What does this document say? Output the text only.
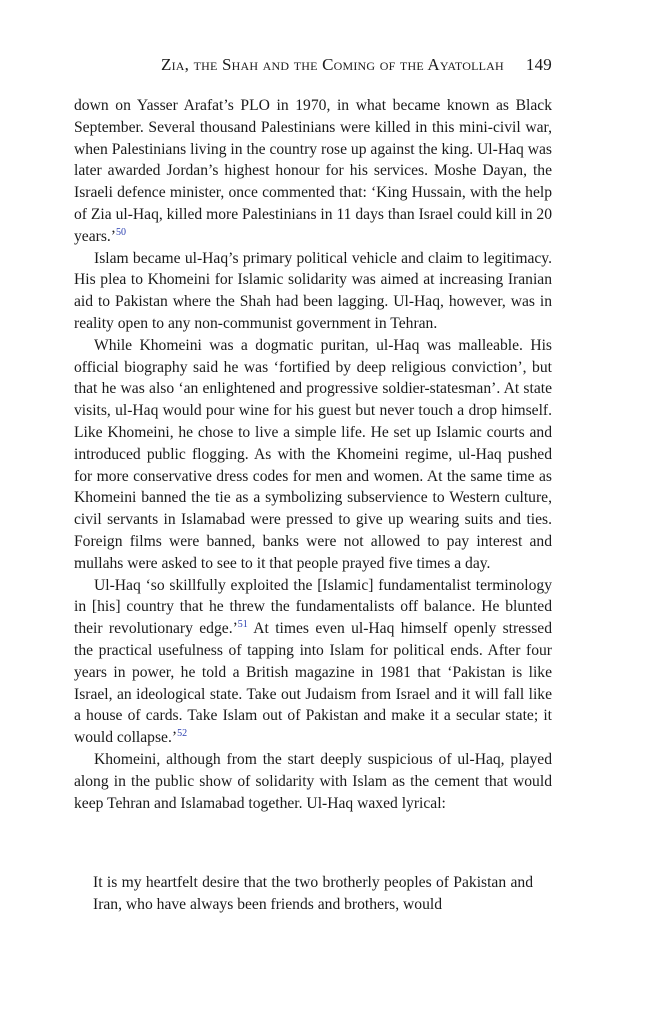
Zia, the Shah and the Coming of the Ayatollah 149

down on Yasser Arafat’s PLO in 1970, in what became known as Black September. Several thousand Palestinians were killed in this mini-civil war, when Palestinians living in the country rose up against the king. Ul-Haq was later awarded Jordan’s highest honour for his services. Moshe Dayan, the Israeli defence minister, once commented that: ‘King Hussain, with the help of Zia ul-Haq, killed more Palestinians in 11 days than Israel could kill in 20 years.’$^{50}$

Islam became ul-Haq’s primary political vehicle and claim to legitimacy. His plea to Khomeini for Islamic solidarity was aimed at increasing Iranian aid to Pakistan where the Shah had been lagging. Ul-Haq, however, was in reality open to any non-communist government in Tehran.

While Khomeini was a dogmatic puritan, ul-Haq was malleable. His official biography said he was ‘fortified by deep religious conviction’, but that he was also ‘an enlightened and progressive soldier-statesman’. At state visits, ul-Haq would pour wine for his guest but never touch a drop himself. Like Khomeini, he chose to live a simple life. He set up Islamic courts and introduced public flogging. As with the Khomeini regime, ul-Haq pushed for more conservative dress codes for men and women. At the same time as Khomeini banned the tie as a symbolizing subservience to Western culture, civil servants in Islamabad were pressed to give up wearing suits and ties. Foreign films were banned, banks were not allowed to pay interest and mullahs were asked to see to it that people prayed five times a day.

Ul-Haq ‘so skillfully exploited the [Islamic] fundamentalist terminology in [his] country that he threw the fundamentalists off balance. He blunted their revolutionary edge.’$^{51}$ At times even ul-Haq himself openly stressed the practical usefulness of tapping into Islam for political ends. After four years in power, he told a British magazine in 1981 that ‘Pakistan is like Israel, an ideological state. Take out Judaism from Israel and it will fall like a house of cards. Take Islam out of Pakistan and make it a secular state; it would collapse.’$^{52}$

Khomeini, although from the start deeply suspicious of ul-Haq, played along in the public show of solidarity with Islam as the cement that would keep Tehran and Islamabad together. Ul-Haq waxed lyrical:

It is my heartfelt desire that the two brotherly peoples of Pakistan and Iran, who have always been friends and brothers, would
